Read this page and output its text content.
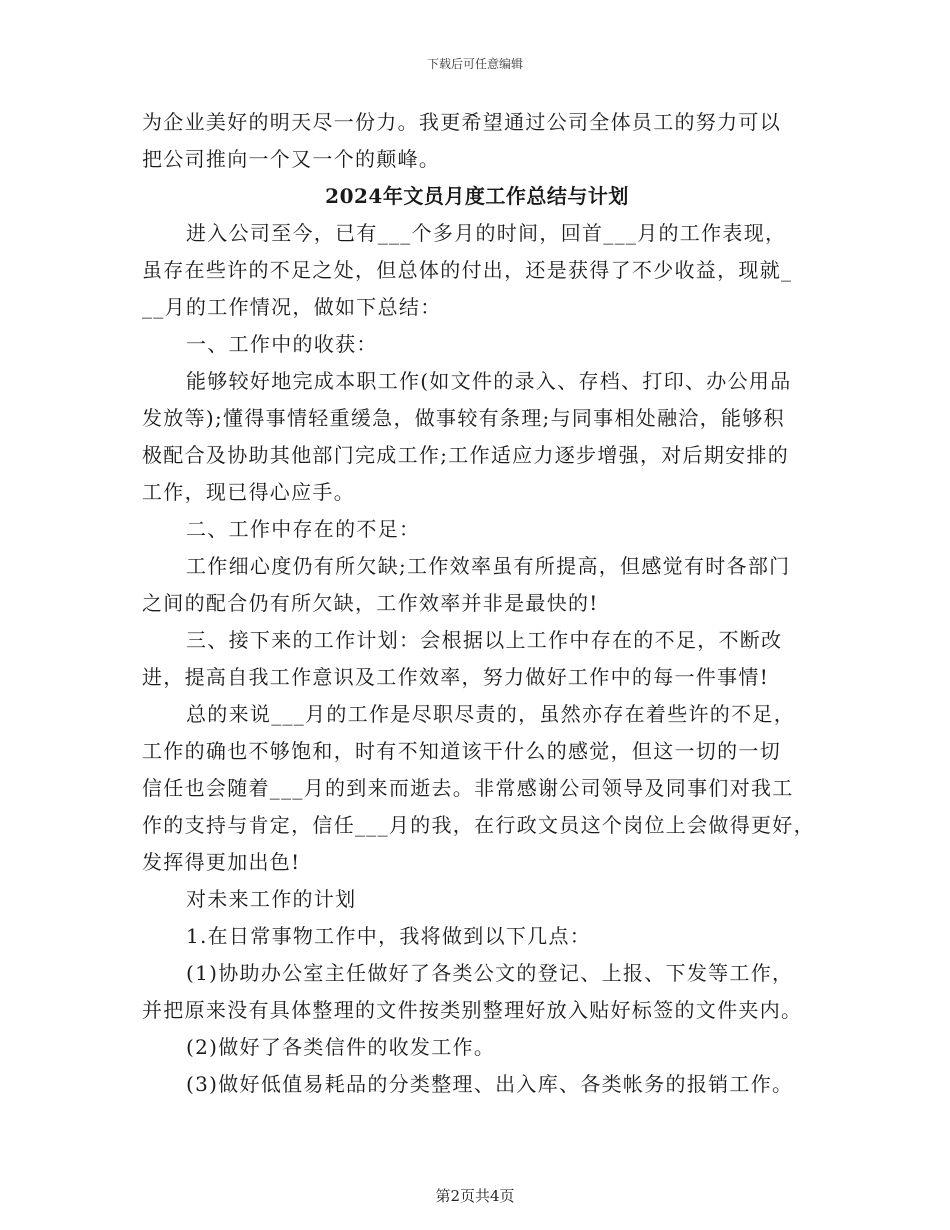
下载后可任意编辑
为企业美好的明天尽一份力。我更希望通过公司全体员工的努力可以
把公司推向一个又一个的颠峰。
2024年文员月度工作总结与计划
进入公司至今，已有___个多月的时间，回首___月的工作表现，
虽存在些许的不足之处，但总体的付出，还是获得了不少收益，现就_
__月的工作情况，做如下总结：
一、工作中的收获：
能够较好地完成本职工作(如文件的录入、存档、打印、办公用品
发放等);懂得事情轻重缓急，做事较有条理;与同事相处融洽，能够积
极配合及协助其他部门完成工作;工作适应力逐步增强，对后期安排的
工作，现已得心应手。
二、工作中存在的不足：
工作细心度仍有所欠缺;工作效率虽有所提高，但感觉有时各部门
之间的配合仍有所欠缺，工作效率并非是最快的!
三、接下来的工作计划：会根据以上工作中存在的不足，不断改
进，提高自我工作意识及工作效率，努力做好工作中的每一件事情!
总的来说___月的工作是尽职尽责的，虽然亦存在着些许的不足，
工作的确也不够饱和，时有不知道该干什么的感觉，但这一切的一切
信任也会随着___月的到来而逝去。非常感谢公司领导及同事们对我工
作的支持与肯定，信任___月的我，在行政文员这个岗位上会做得更好，
发挥得更加出色!
对未来工作的计划
1.在日常事物工作中，我将做到以下几点：
(1)协助办公室主任做好了各类公文的登记、上报、下发等工作，
并把原来没有具体整理的文件按类别整理好放入贴好标签的文件夹内。
(2)做好了各类信件的收发工作。
(3)做好低值易耗品的分类整理、出入库、各类帐务的报销工作。
第2页共4页
